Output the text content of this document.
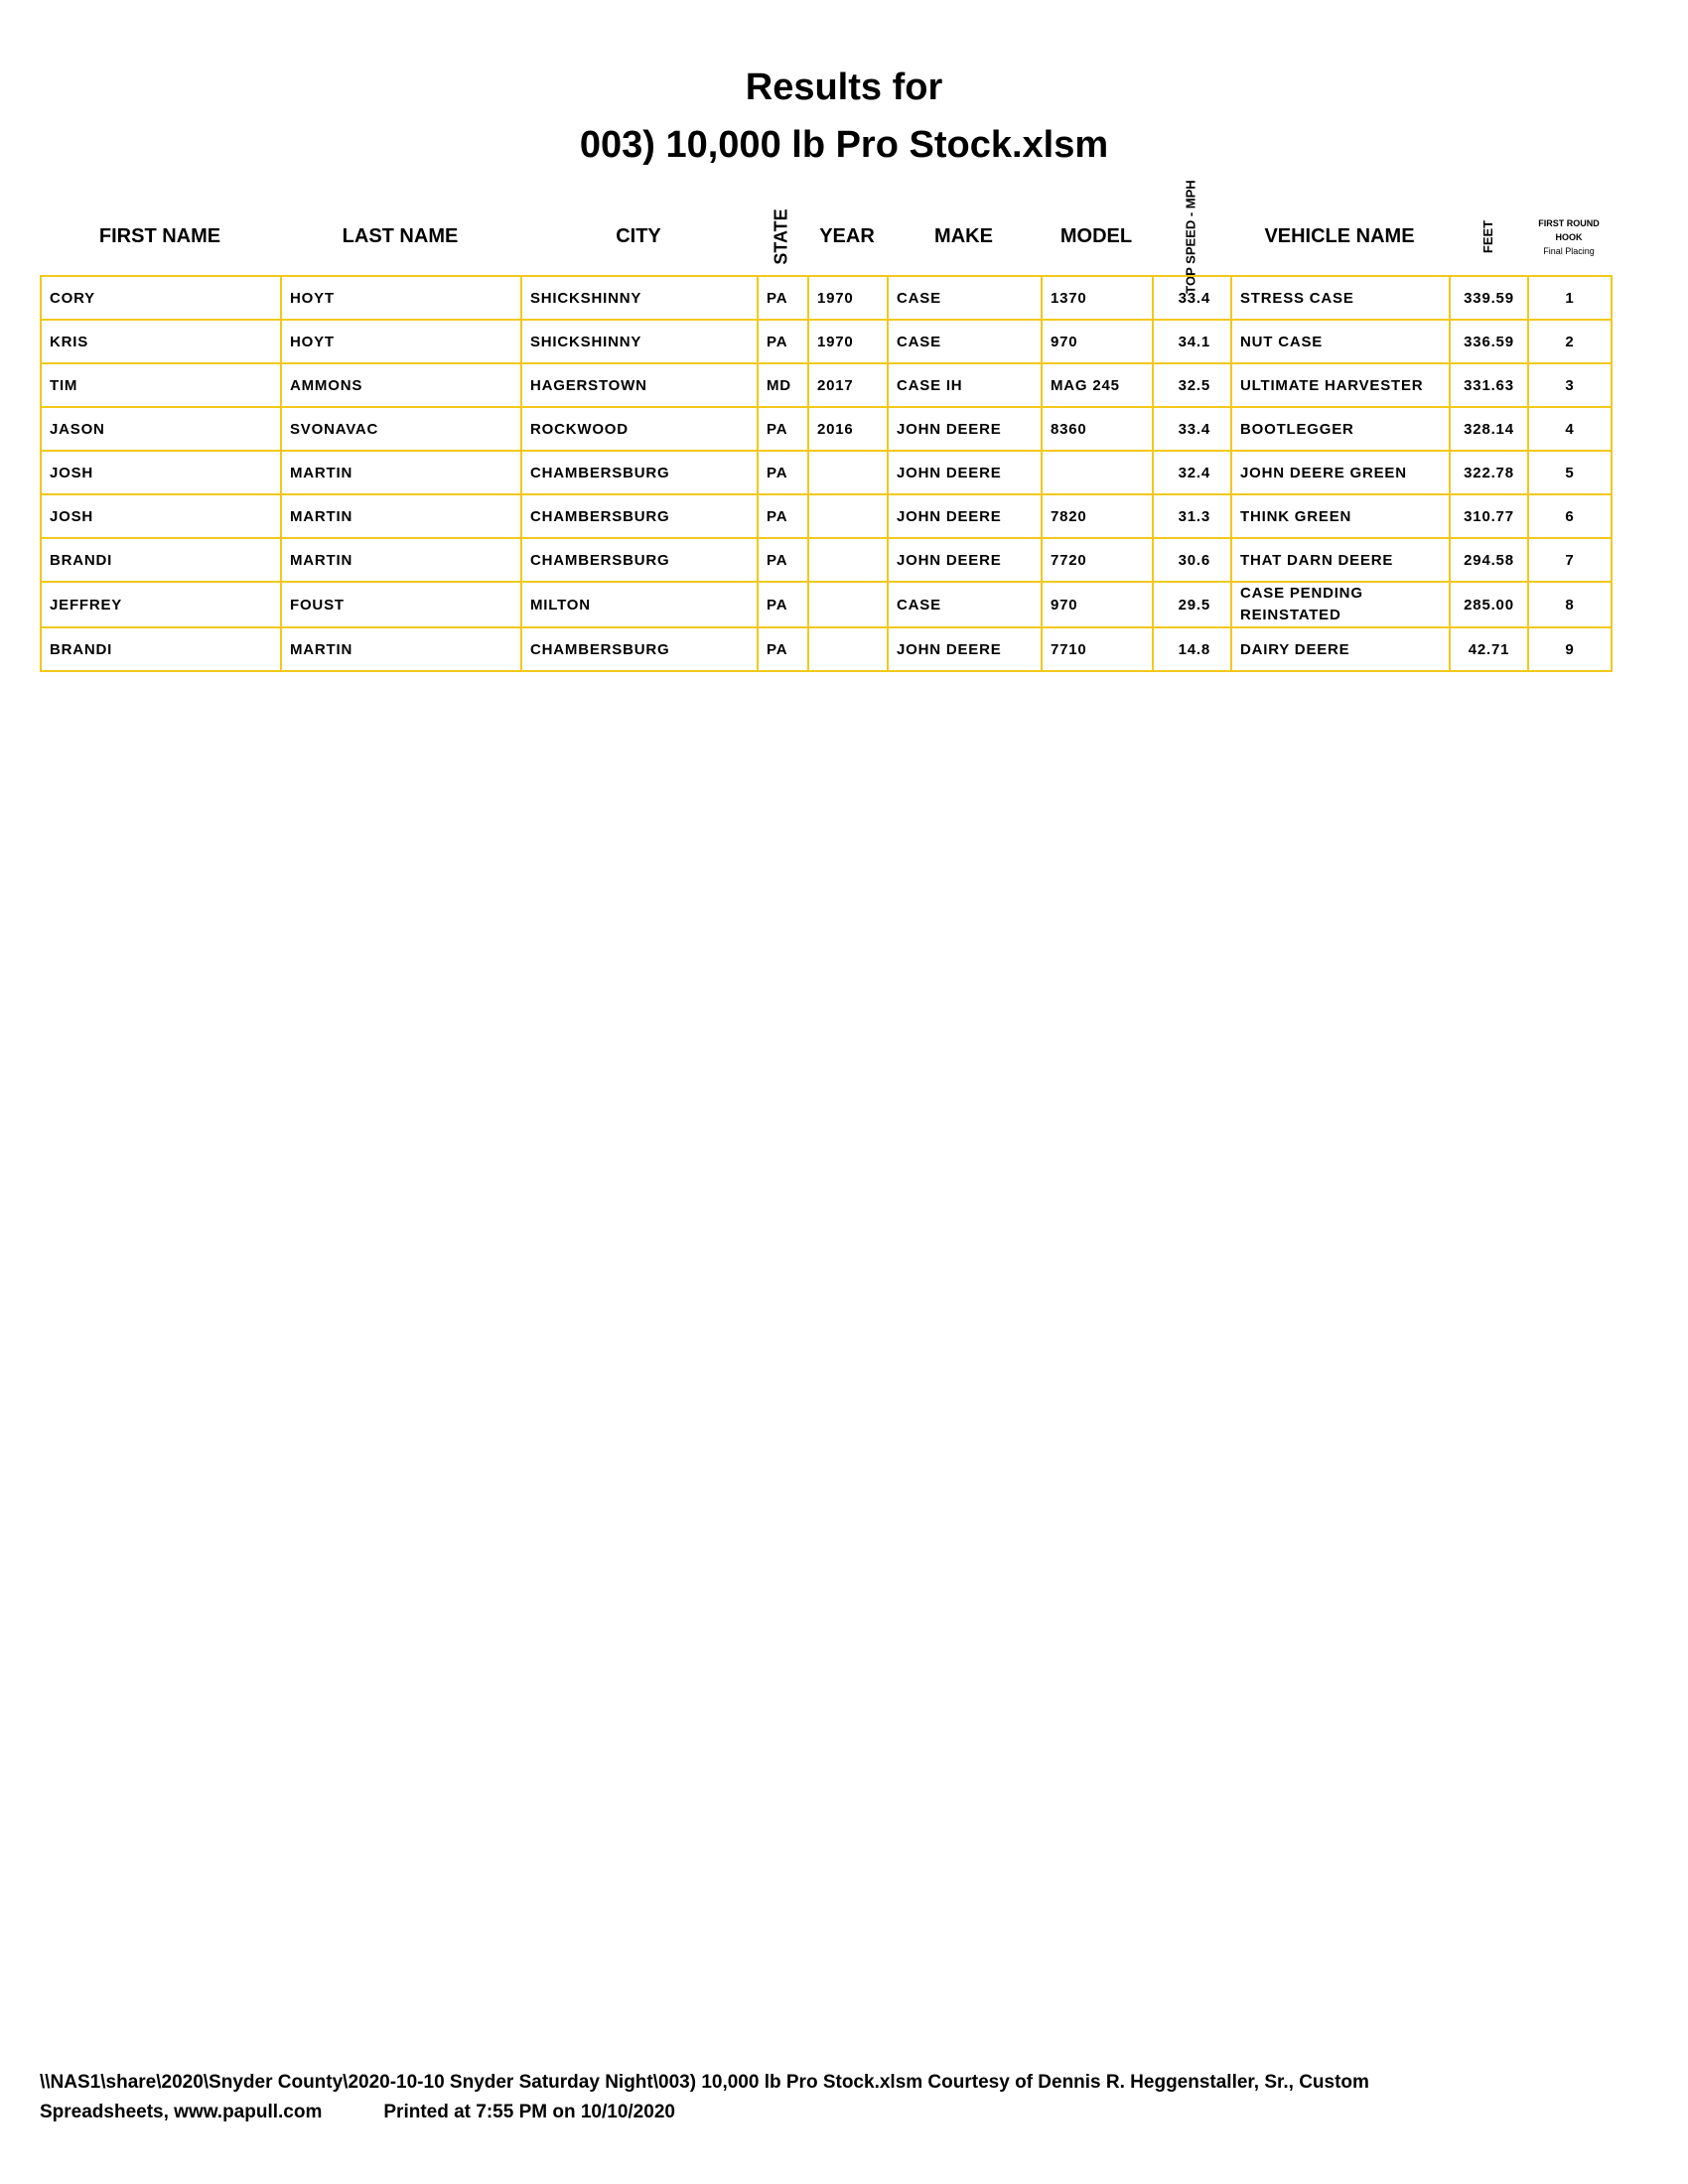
Results for
003) 10,000 lb Pro Stock.xlsm
FIRST NAME	LAST NAME	CITY	STATE	YEAR	MAKE	MODEL	TOP SPEED - MPH	VEHICLE NAME	FEET	FIRST ROUND HOOK
Final Placing
CORY	HOYT	SHICKSHINNY	PA	1970	CASE	1370	33.4	STRESS CASE	339.59	1
KRIS	HOYT	SHICKSHINNY	PA	1970	CASE	970	34.1	NUT CASE	336.59	2
TIM	AMMONS	HAGERSTOWN	MD	2017	CASE IH	MAG 245	32.5	ULTIMATE HARVESTER	331.63	3
JASON	SVONAVAC	ROCKWOOD	PA	2016	JOHN DEERE	8360	33.4	BOOTLEGGER	328.14	4
JOSH	MARTIN	CHAMBERSBURG	PA		JOHN DEERE		32.4	JOHN DEERE GREEN	322.78	5
JOSH	MARTIN	CHAMBERSBURG	PA		JOHN DEERE	7820	31.3	THINK GREEN	310.77	6
BRANDI	MARTIN	CHAMBERSBURG	PA		JOHN DEERE	7720	30.6	THAT DARN DEERE	294.58	7
JEFFREY	FOUST	MILTON	PA		CASE	970	29.5	CASE PENDING REINSTATED	285.00	8
BRANDI	MARTIN	CHAMBERSBURG	PA		JOHN DEERE	7710	14.8	DAIRY DEERE	42.71	9
\\NAS1\share\2020\Snyder County\2020-10-10 Snyder Saturday Night\003) 10,000 lb Pro Stock.xlsm Courtesy of Dennis R. Heggenstaller, Sr., Custom
Spreadsheets, www.papull.com	Printed at 7:55 PM on 10/10/2020
